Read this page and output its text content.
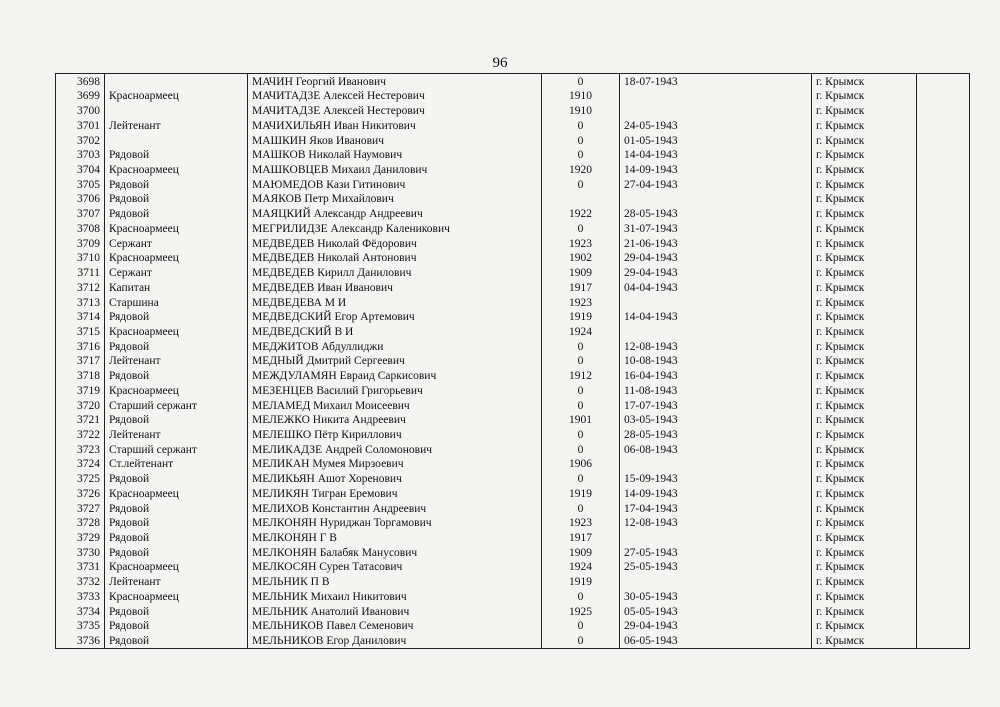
96
3698		МАЧИН Георгий Иванович	0	18-07-1943	г. Крымск	
3699	Красноармеец	МАЧИТАДЗЕ Алексей Нестерович	1910		г. Крымск	
3700		МАЧИТАДЗЕ Алексей Нестерович	1910		г. Крымск	
3701	Лейтенант	МАЧИХИЛЬЯН Иван Никитович	0	24-05-1943	г. Крымск	
3702		МАШКИН Яков Иванович	0	01-05-1943	г. Крымск	
3703	Рядовой	МАШКОВ Николай Наумович	0	14-04-1943	г. Крымск	
3704	Красноармеец	МАШКОВЦЕВ Михаил Данилович	1920	14-09-1943	г. Крымск	
3705	Рядовой	МАЮМЕДОВ Кази Гитинович	0	27-04-1943	г. Крымск	
3706	Рядовой	МАЯКОВ Петр Михайлович			г. Крымск	
3707	Рядовой	МАЯЦКИЙ Александр Андреевич	1922	28-05-1943	г. Крымск	
3708	Красноармеец	МЕГРИЛИДЗЕ Александр Каленикович	0	31-07-1943	г. Крымск	
3709	Сержант	МЕДВЕДЕВ Николай Фёдорович	1923	21-06-1943	г. Крымск	
3710	Красноармеец	МЕДВЕДЕВ Николай Антонович	1902	29-04-1943	г. Крымск	
3711	Сержант	МЕДВЕДЕВ Кирилл Данилович	1909	29-04-1943	г. Крымск	
3712	Капитан	МЕДВЕДЕВ Иван Иванович	1917	04-04-1943	г. Крымск	
3713	Старшина	МЕДВЕДЕВА М И	1923		г. Крымск	
3714	Рядовой	МЕДВЕДСКИЙ Егор Артемович	1919	14-04-1943	г. Крымск	
3715	Красноармеец	МЕДВЕДСКИЙ В И	1924		г. Крымск	
3716	Рядовой	МЕДЖИТОВ Абдуллиджи	0	12-08-1943	г. Крымск	
3717	Лейтенант	МЕДНЫЙ Дмитрий Сергеевич	0	10-08-1943	г. Крымск	
3718	Рядовой	МЕЖДУЛАМЯН Евраид Саркисович	1912	16-04-1943	г. Крымск	
3719	Красноармеец	МЕЗЕНЦЕВ Василий Григорьевич	0	11-08-1943	г. Крымск	
3720	Старший сержант	МЕЛАМЕД Михаил Моисеевич	0	17-07-1943	г. Крымск	
3721	Рядовой	МЕЛЕЖКО Никита Андреевич	1901	03-05-1943	г. Крымск	
3722	Лейтенант	МЕЛЕШКО Пётр Кириллович	0	28-05-1943	г. Крымск	
3723	Старший сержант	МЕЛИКАДЗЕ Андрей Соломонович	0	06-08-1943	г. Крымск	
3724	Ст.лейтенант	МЕЛИКАН Мумея Мирзоевич	1906		г. Крымск	
3725	Рядовой	МЕЛИКЬЯН Ашот Хоренович	0	15-09-1943	г. Крымск	
3726	Красноармеец	МЕЛИКЯН Тигран Еремович	1919	14-09-1943	г. Крымск	
3727	Рядовой	МЕЛИХОВ Константин Андреевич	0	17-04-1943	г. Крымск	
3728	Рядовой	МЕЛКОНЯН Нуриджан Торгамович	1923	12-08-1943	г. Крымск	
3729	Рядовой	МЕЛКОНЯН Г В	1917		г. Крымск	
3730	Рядовой	МЕЛКОНЯН Балабяк Манусович	1909	27-05-1943	г. Крымск	
3731	Красноармеец	МЕЛКОСЯН Сурен Татасович	1924	25-05-1943	г. Крымск	
3732	Лейтенант	МЕЛЬНИК П В	1919		г. Крымск	
3733	Красноармеец	МЕЛЬНИК Михаил Никитович	0	30-05-1943	г. Крымск	
3734	Рядовой	МЕЛЬНИК Анатолий Иванович	1925	05-05-1943	г. Крымск	
3735	Рядовой	МЕЛЬНИКОВ Павел Семенович	0	29-04-1943	г. Крымск	
3736	Рядовой	МЕЛЬНИКОВ Егор Данилович	0	06-05-1943	г. Крымск	
